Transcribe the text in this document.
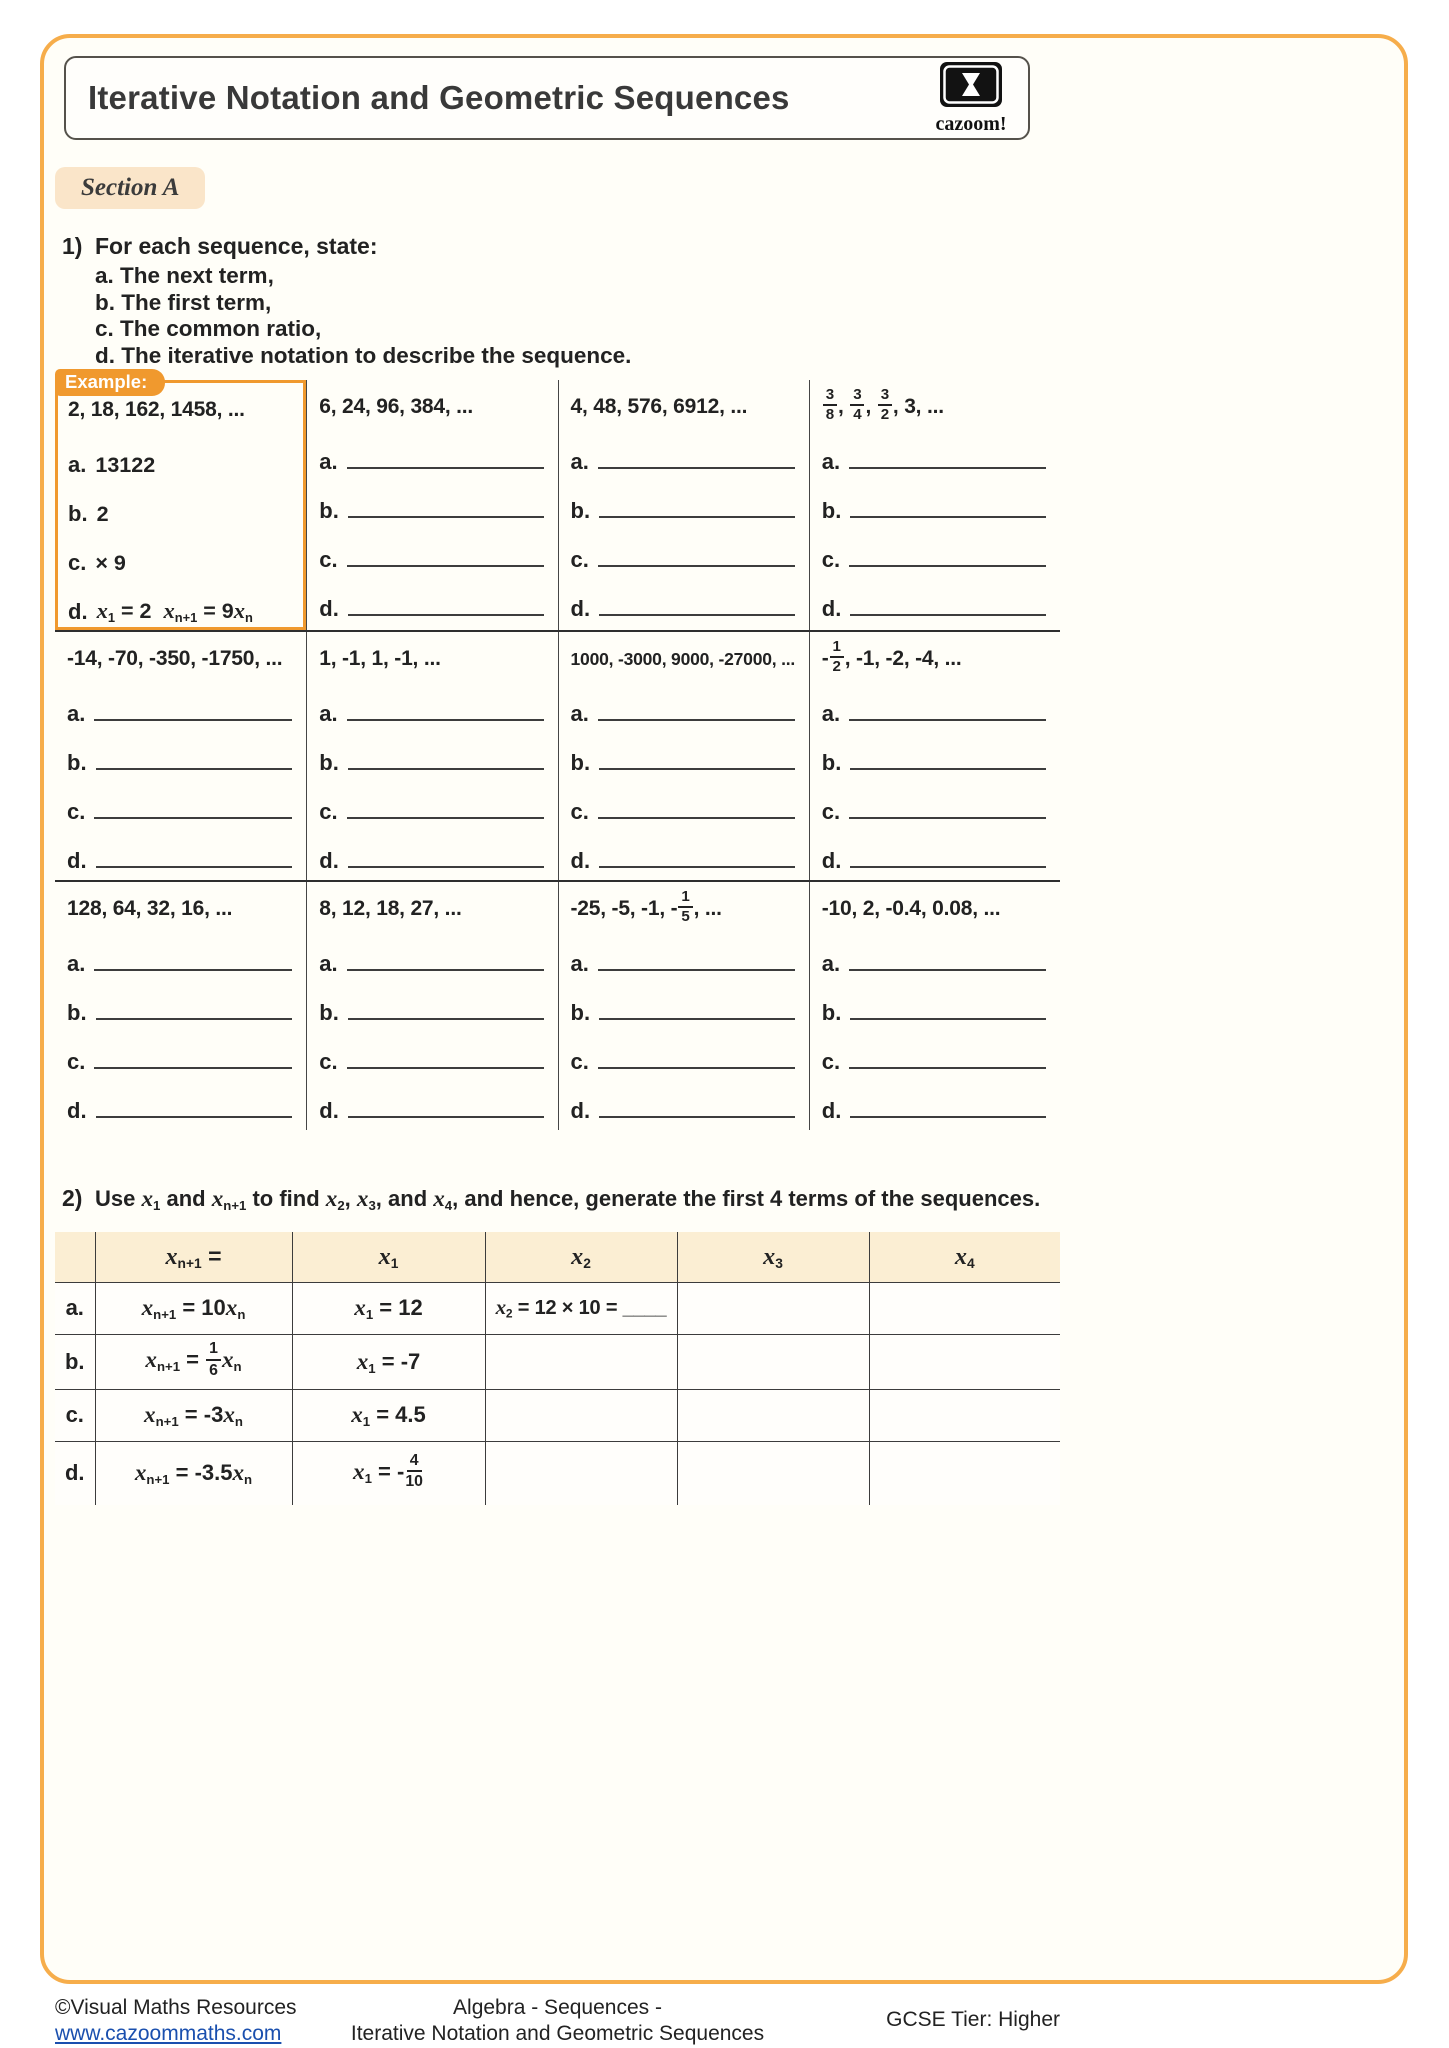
Iterative Notation and Geometric Sequences
cazoom!
Section A
1) For each sequence, state:
a. The next term,
b. The first term,
c. The common ratio,
d. The iterative notation to describe the sequence.
Example:
2, 18, 162, 1458, ...
a. 13122
b. 2
c. × 9
d. $x_1 = 2$  $x_{n+1} = 9x_n$
6, 24, 96, 384, ...
a.
b.
c.
d.
4, 48, 576, 6912, ...
a.
b.
c.
d.
$\frac{3}{8}$ , $\frac{3}{4}$ , $\frac{3}{2}$ , 3, ...
a.
b.
c.
d.
-14, -70, -350, -1750, ...
a.
b.
c.
d.
1, -1, 1, -1, ...
a.
b.
c.
d.
1000, -3000, 9000, -27000, ...
a.
b.
c.
d.
- $\frac{1}{2}$ , -1, -2, -4, ...
a.
b.
c.
d.
128, 64, 32, 16, ...
a.
b.
c.
d.
8, 12, 18, 27, ...
a.
b.
c.
d.
-25, -5, -1, - $\frac{1}{5}$ , ...
a.
b.
c.
d.
-10, 2, -0.4, 0.08, ...
a.
b.
c.
d.
2) Use $x_1$ and $x_{n+1}$ to find $x_2$, $x_3$, and $x_4$, and hence, generate the first 4 terms of the sequences.
	$x_{n+1}$ =	$x_1$	$x_2$	$x_3$	$x_4$
a.	$x_{n+1} = 10x_n$	$x_1 = 12$	$x_2 = 12 \times 10$ = ____		
b.	$x_{n+1} = \frac{1}{6} x_n$	$x_1 = -7$			
c.	$x_{n+1} = -3x_n$	$x_1 = 4.5$			
d.	$x_{n+1} = -3.5x_n$	$x_1$ = - $\frac{4}{10}$

©Visual Maths Resources
www.cazoommaths.com
Algebra - Sequences -
Iterative Notation and Geometric Sequences
GCSE Tier: Higher
